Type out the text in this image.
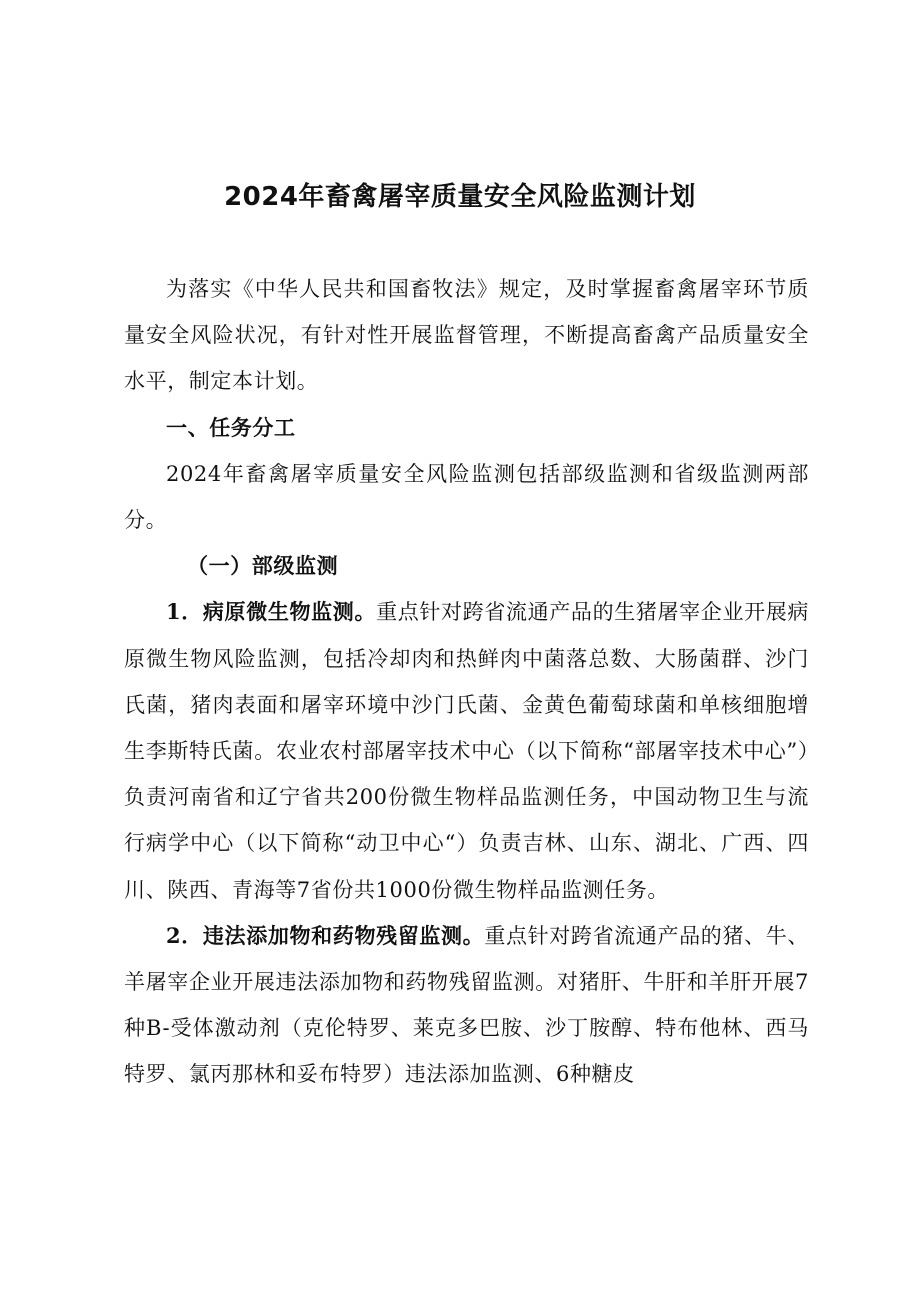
2024年畜禽屠宰质量安全风险监测计划

为落实《中华人民共和国畜牧法》规定，及时掌握畜禽屠宰环节质量安全风险状况，有针对性开展监督管理，不断提高畜禽产品质量安全水平，制定本计划。

一、任务分工

2024年畜禽屠宰质量安全风险监测包括部级监测和省级监测两部分。

（一）部级监测

1．病原微生物监测。重点针对跨省流通产品的生猪屠宰企业开展病原微生物风险监测，包括冷却肉和热鲜肉中菌落总数、大肠菌群、沙门氏菌，猪肉表面和屠宰环境中沙门氏菌、金黄色葡萄球菌和单核细胞增生李斯特氏菌。农业农村部屠宰技术中心（以下简称“部屠宰技术中心”）负责河南省和辽宁省共200份微生物样品监测任务，中国动物卫生与流行病学中心（以下简称“动卫中心“）负责吉林、山东、湖北、广西、四川、陕西、青海等7省份共1000份微生物样品监测任务。

2．违法添加物和药物残留监测。重点针对跨省流通产品的猪、牛、羊屠宰企业开展违法添加物和药物残留监测。对猪肝、牛肝和羊肝开展7种B-受体激动剂（克伦特罗、莱克多巴胺、沙丁胺醇、特布他林、西马特罗、氯丙那林和妥布特罗）违法添加监测、6种糖皮
